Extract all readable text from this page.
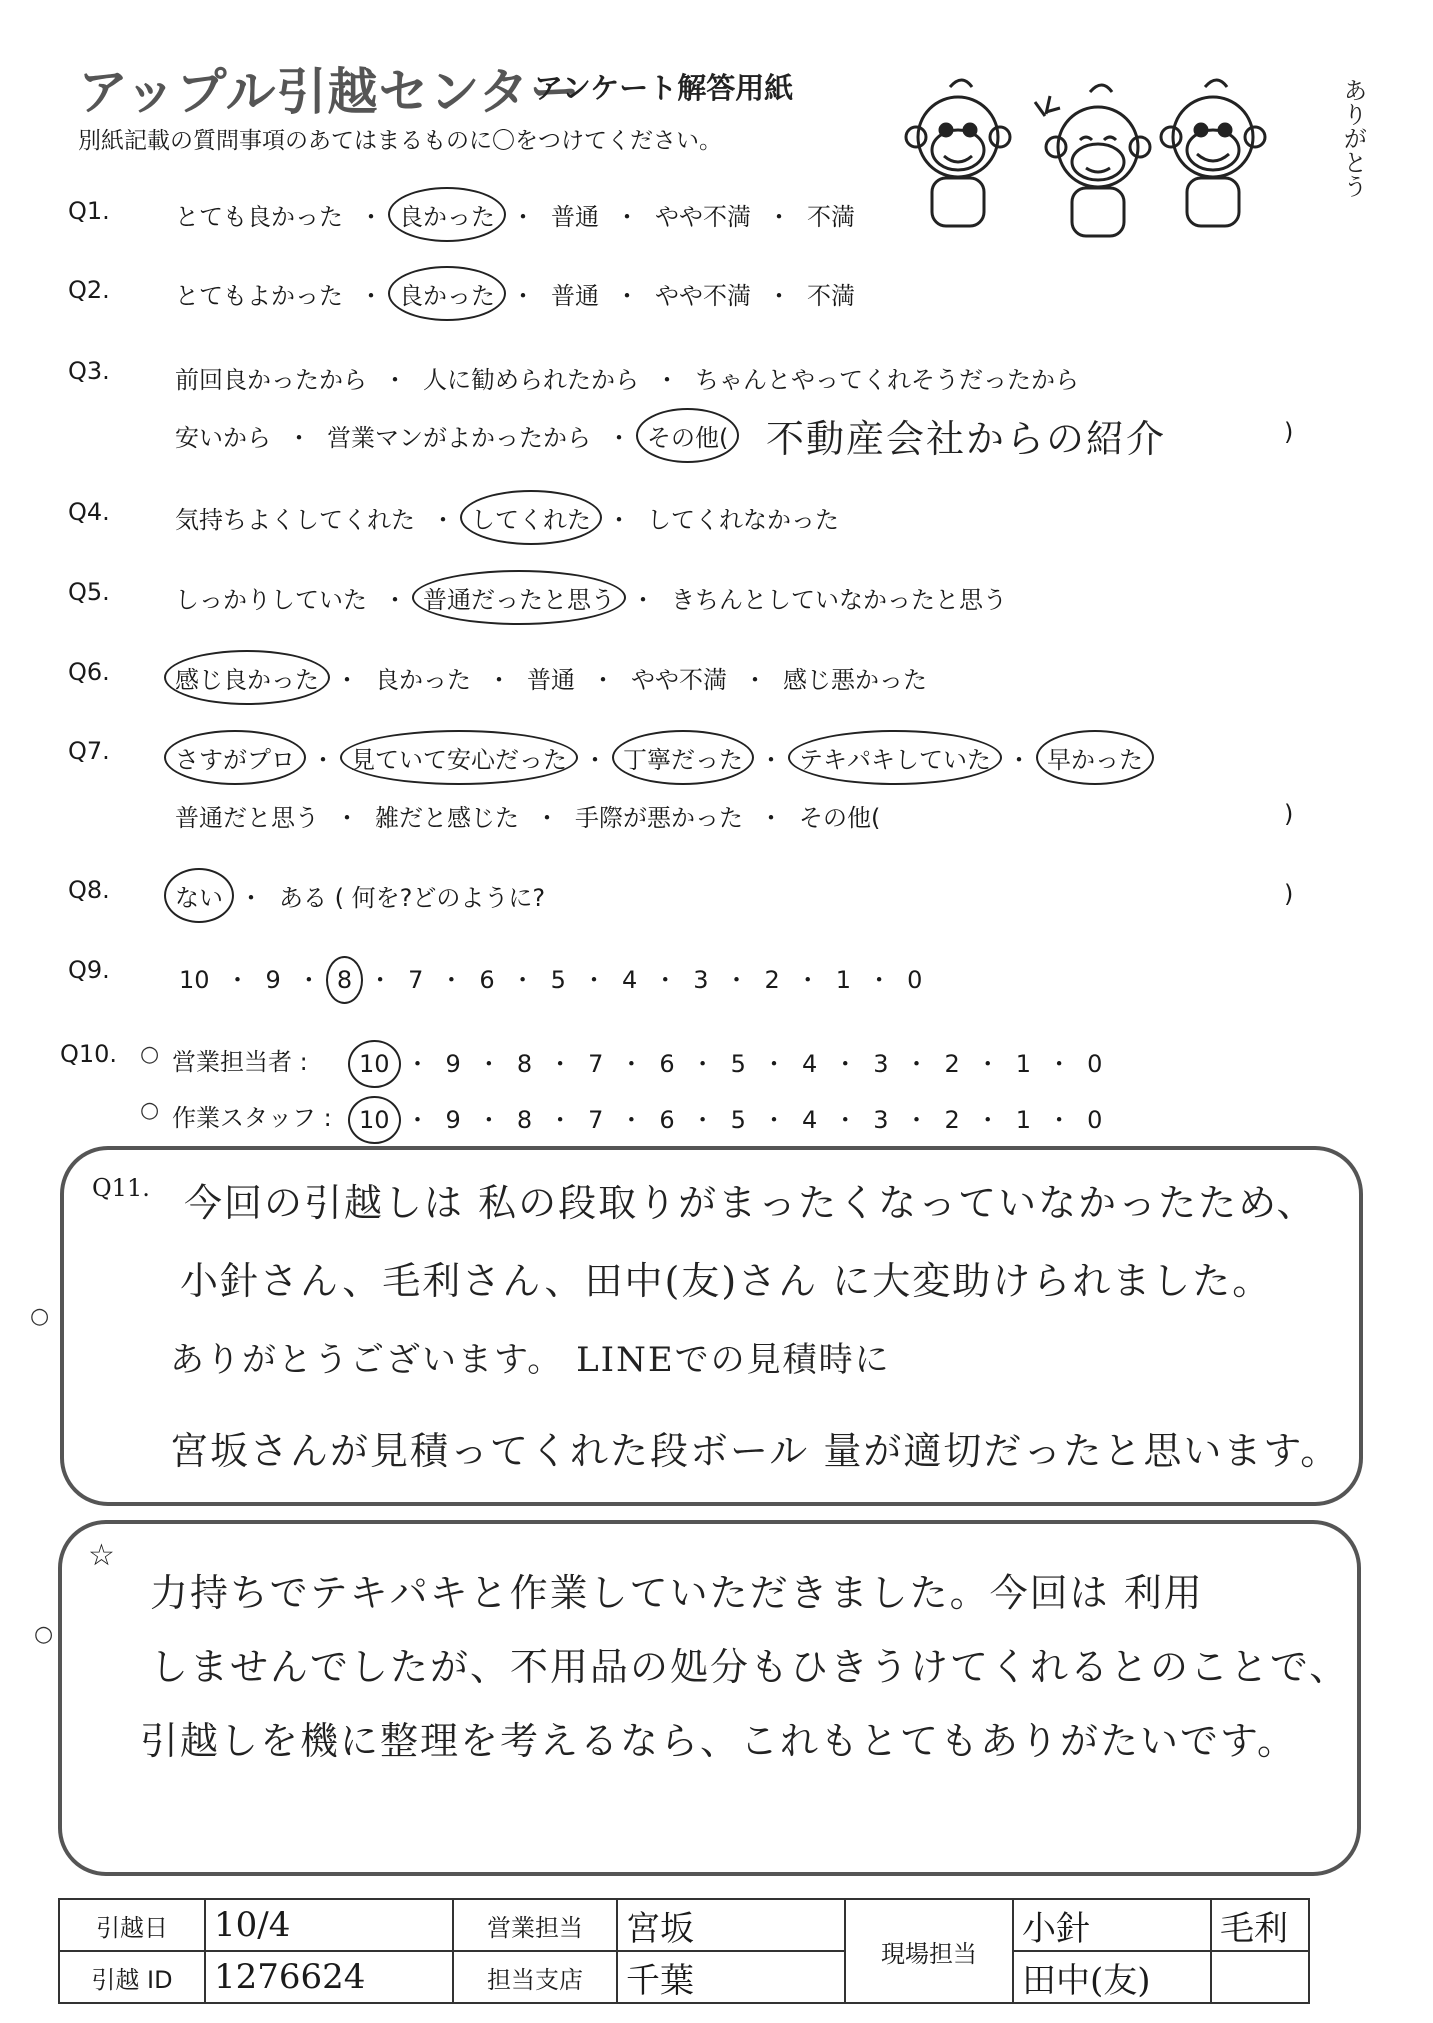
アップル引越センター
アンケート解答用紙
別紙記載の質問事項のあてはまるものに〇をつけてください。	ありがとう
Q1.	とても良かった ・ 良かった ・ 普通 ・ やや不満 ・ 不満
Q2.	とてもよかった ・ 良かった ・ 普通 ・ やや不満 ・ 不満
Q3.	前回良かったから ・ 人に勧められたから ・ ちゃんとやってくれそうだったから
安いから ・ 営業マンがよかったから ・ その他( 不動産会社からの紹介	)
Q4.	気持ちよくしてくれた ・ してくれた ・ してくれなかった
Q5.	しっかりしていた ・ 普通だったと思う ・ きちんとしていなかったと思う
Q6.	感じ良かった ・ 良かった ・ 普通 ・ やや不満 ・ 感じ悪かった
Q7.	さすがプロ ・ 見ていて安心だった ・ 丁寧だった ・ テキパキしていた ・ 早かった
普通だと思う ・ 雑だと感じた ・ 手際が悪かった ・ その他(	)
Q8.	ない ・ ある ( 何を?どのように?	)
Q9.	10 ・ 9 ・ 8 ・ 7 ・ 6 ・ 5 ・ 4 ・ 3 ・ 2 ・ 1 ・ 0
Q10. ○ 営業担当者 : 10 ・ 9 ・ 8 ・ 7 ・ 6 ・ 5 ・ 4 ・ 3 ・ 2 ・ 1 ・ 0
○ 作業スタッフ : 10 ・ 9 ・ 8 ・ 7 ・ 6 ・ 5 ・ 4 ・ 3 ・ 2 ・ 1 ・ 0
Q11.
○
今回の引越しは 私の段取りがまったくなっていなかったため、
小針さん、毛利さん、田中(友)さん に大変助けられました。
ありがとうございます。 LINEでの見積時に
宮坂さんが見積ってくれた段ボール 量が適切だったと思います。
☆
○
力持ちでテキパキと作業していただきました。今回は 利用
しませんでしたが、不用品の処分もひきうけてくれるとのことで、
引越しを機に整理を考えるなら、これもとてもありがたいです。
引越日	10/4	営業担当	宮坂	現場担当	小針	毛利
引越 ID	1276624	担当支店	千葉		田中(友)	
